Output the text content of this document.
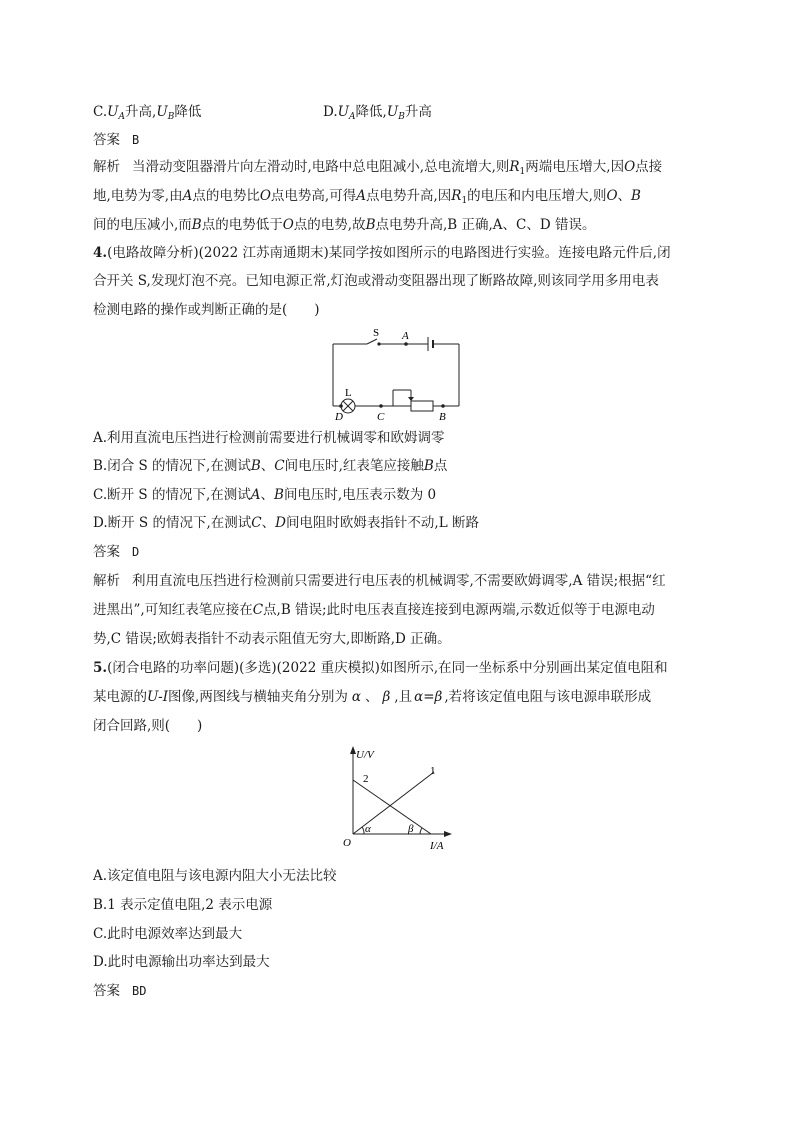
$C.U_A$升高$,U_B$降低	$D.U_A$降低$,U_B$升高
答案 B
解析 当滑动变阻器滑片向左滑动时,电路中总电阻减小,总电流增大,则$R_1$两端电压增大,因O点接
地,电势为零,由A点的电势比O点电势高,可得A点电势升高,因$R_1$的电压和内电压增大,则O、B
间的电压减小,而B点的电势低于O点的电势,故B点电势升高,B 正确,A、C、D 错误。
4.(电路故障分析)(2022 江苏南通期末)某同学按如图所示的电路图进行实验。连接电路元件后,闭
合开关 S,发现灯泡不亮。已知电源正常,灯泡或滑动变阻器出现了断路故障,则该同学用多用电表
检测电路的操作或判断正确的是(　　)
S A
L
D	C	B
A.利用直流电压挡进行检测前需要进行机械调零和欧姆调零
B.闭合 S 的情况下,在测试B、C间电压时,红表笔应接触B点
C.断开 S 的情况下,在测试A、B间电压时,电压表示数为 0
D.断开 S 的情况下,在测试C、D间电阻时欧姆表指针不动,L 断路
答案 D
解析 利用直流电压挡进行检测前只需要进行电压表的机械调零,不需要欧姆调零,A 错误;根据“红
进黑出”,可知红表笔应接在C点,B 错误;此时电压表直接连接到电源两端,示数近似等于电源电动
势,C 错误;欧姆表指针不动表示阻值无穷大,即断路,D 正确。
5.(闭合电路的功率问题)(多选)(2022 重庆模拟)如图所示,在同一坐标系中分别画出某定值电阻和
某电源的U-I图像,两图线与横轴夹角分别为 α 、 β ,且 α=β ,若将该定值电阻与该电源串联形成
闭合回路,则(　　)
U/V
I/A
O
1
2
α	β
A.该定值电阻与该电源内阻大小无法比较
B.1 表示定值电阻,2 表示电源
C.此时电源效率达到最大
D.此时电源输出功率达到最大
答案 BD
